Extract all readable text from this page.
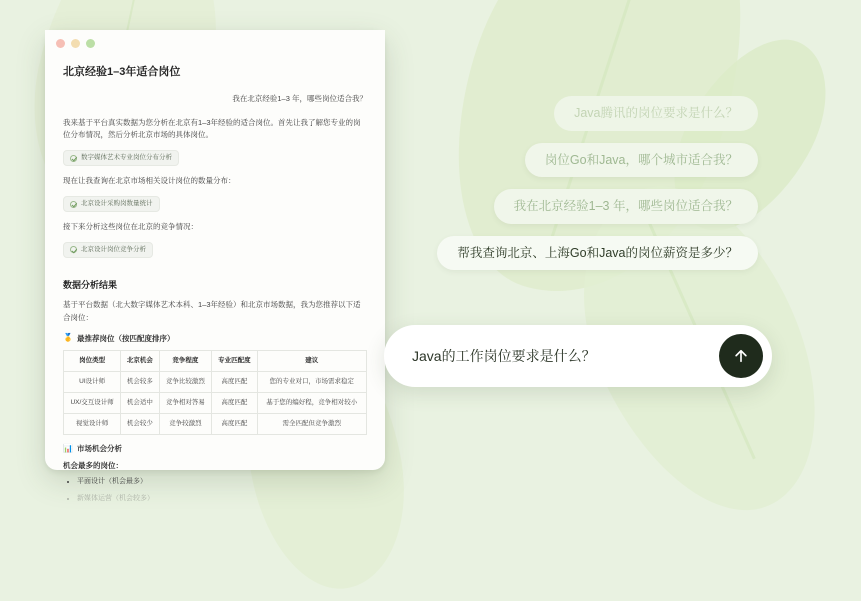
北京经验1–3年适合岗位
我在北京经验1–3 年，哪些岗位适合我？
我来基于平台真实数据为您分析在北京有1–3年经验的适合岗位。首先让我了解您专业的岗位分布情况，然后分析北京市场的具体岗位。
数字媒体艺术专业岗位分布分析
现在让我查询在北京市场相关设计岗位的数量分布：
北京设计采购岗数量统计
接下来分析这些岗位在北京的竞争情况：
北京设计岗位竞争分析
数据分析结果
基于平台数据（北大数字媒体艺术本科、1–3年经验）和北京市场数据，我为您推荐以下适合岗位：
🥇 最推荐岗位（按匹配度排序）
岗位类型	北京机会	竞争程度	专业匹配度	建议
UI设计师	机会较多	竞争比较激烈	高度匹配	您的专业对口，市场需求稳定
UX/交互设计师	机会适中	竞争相对答易	高度匹配	基于您的编好程，竞争相对较小
视觉设计师	机会较少	竞争较激烈	高度匹配	需全匹配但竞争激烈
📊 市场机会分析
机会最多的岗位：
• 平面设计（机会最多）
• 新媒体运营（机会较多）
Java腾讯的岗位要求是什么？
岗位Go和Java，哪个城市适合我？
我在北京经验1–3 年，哪些岗位适合我？
帮我查询北京、上海Go和Java的岗位薪资是多少？
Java的工作岗位要求是什么？
